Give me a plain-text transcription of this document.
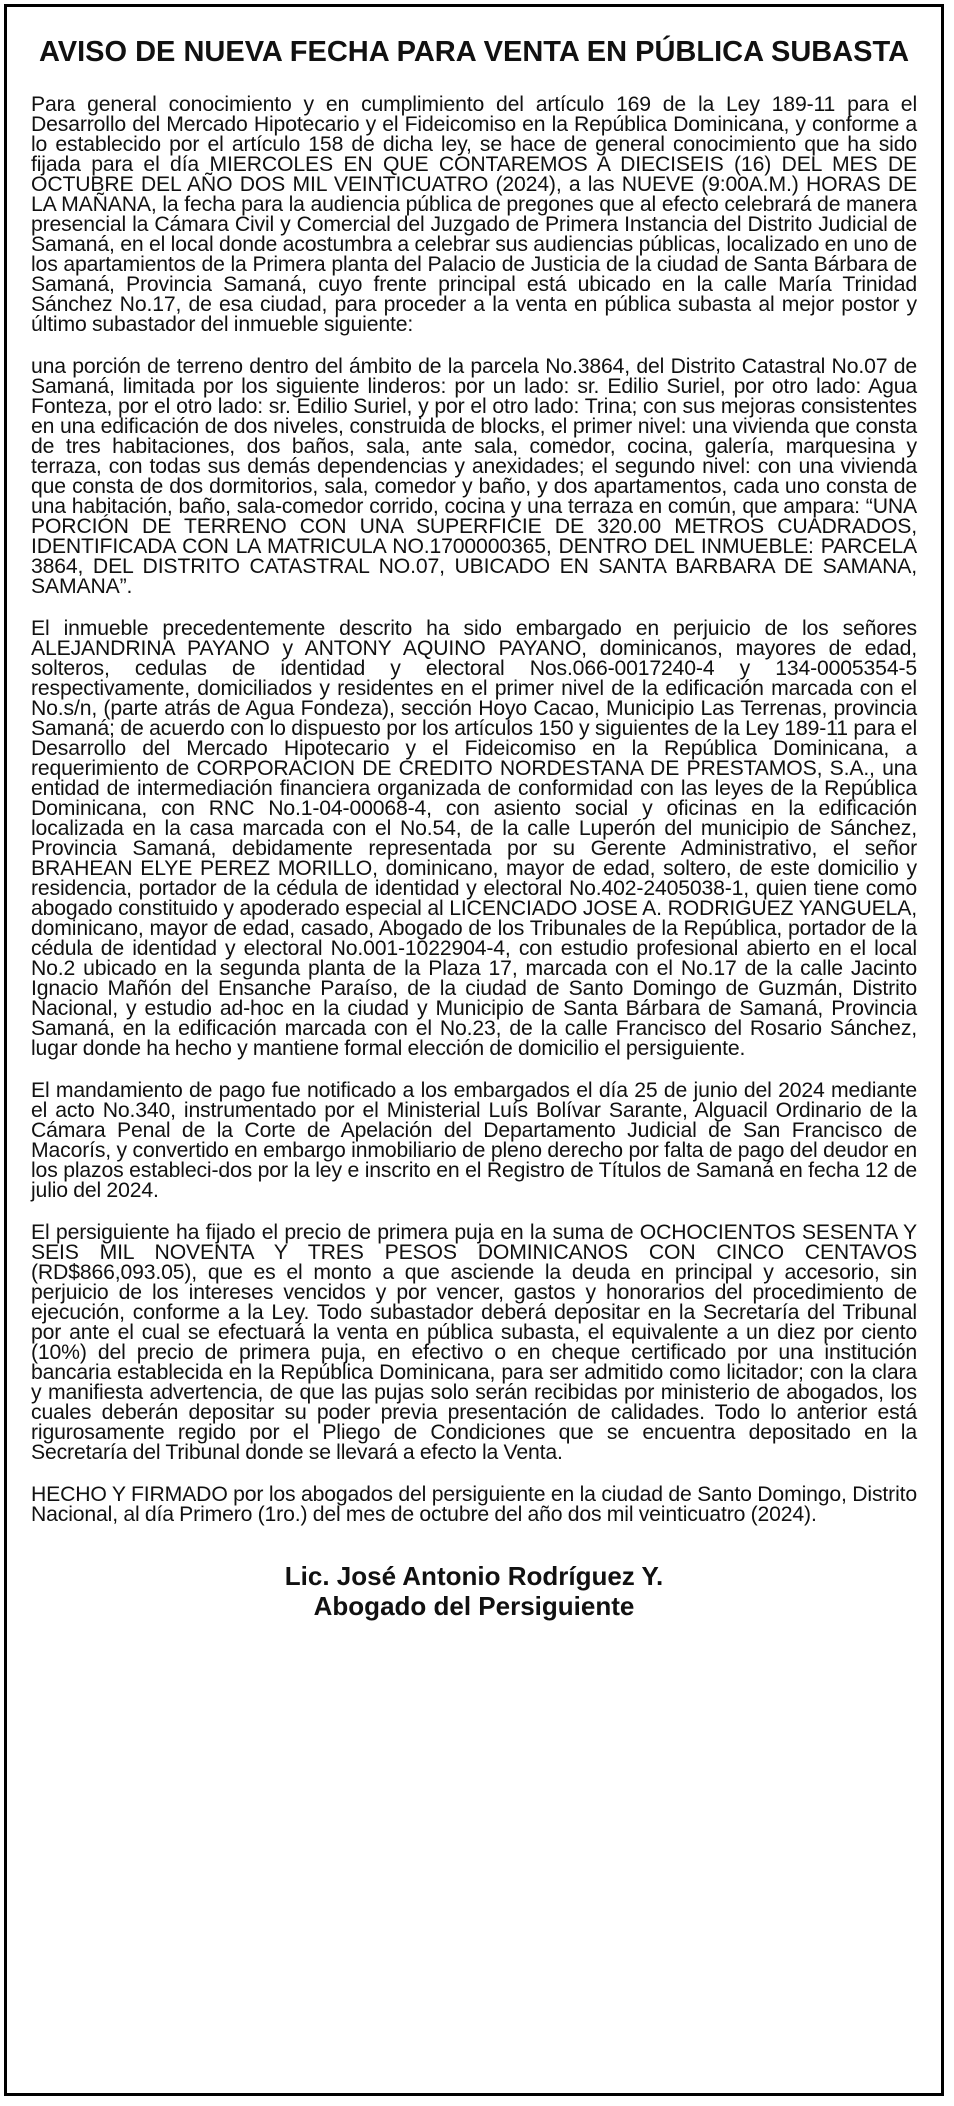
AVISO DE NUEVA FECHA PARA VENTA EN PÚBLICA SUBASTA

Para general conocimiento y en cumplimiento del artículo 169 de la Ley 189-11 para el Desarrollo del Mercado Hipotecario y el Fideicomiso en la República Dominicana, y conforme a lo establecido por el artículo 158 de dicha ley, se hace de general conocimiento que ha sido fijada para el día MIERCOLES EN QUE CONTAREMOS A DIECISEIS (16) DEL MES DE OCTUBRE DEL AÑO DOS MIL VEINTICUATRO (2024), a las NUEVE (9:00A.M.) HORAS DE LA MAÑANA, la fecha para la audiencia pública de pregones que al efecto celebrará de manera presencial la Cámara Civil y Comercial del Juzgado de Primera Instancia del Distrito Judicial de Samaná, en el local donde acostumbra a celebrar sus audiencias públicas, localizado en uno de los apartamientos de la Primera planta del Palacio de Justicia de la ciudad de Santa Bárbara de Samaná, Provincia Samaná, cuyo frente principal está ubicado en la calle María Trinidad Sánchez No.17, de esa ciudad, para proceder a la venta en pública subasta al mejor postor y último subastador del inmueble siguiente:

una porción de terreno dentro del ámbito de la parcela No.3864, del Distrito Catastral No.07 de Samaná, limitada por los siguiente linderos: por un lado: sr. Edilio Suriel, por otro lado: Agua Fonteza, por el otro lado: sr. Edilio Suriel, y por el otro lado: Trina; con sus mejoras consistentes en una edificación de dos niveles, construida de blocks, el primer nivel: una vivienda que consta de tres habitaciones, dos baños, sala, ante sala, comedor, cocina, galería, marquesina y terraza, con todas sus demás dependencias y anexidades; el segundo nivel: con una vivienda que consta de dos dormitorios, sala, comedor y baño, y dos apartamentos, cada uno consta de una habitación, baño, sala-comedor corrido, cocina y una terraza en común, que ampara: “UNA PORCIÓN DE TERRENO CON UNA SUPERFICIE DE 320.00 METROS CUADRADOS, IDENTIFICADA CON LA MATRICULA NO.1700000365, DENTRO DEL INMUEBLE: PARCELA 3864, DEL DISTRITO CATASTRAL NO.07, UBICADO EN SANTA BARBARA DE SAMANA, SAMANA”.

El inmueble precedentemente descrito ha sido embargado en perjuicio de los señores ALEJANDRINA PAYANO y ANTONY AQUINO PAYANO, dominicanos, mayores de edad, solteros, cedulas de identidad y electoral Nos.066-0017240-4 y 134-0005354-5 respectivamente, domiciliados y residentes en el primer nivel de la edificación marcada con el No.s/n, (parte atrás de Agua Fondeza), sección Hoyo Cacao, Municipio Las Terrenas, provincia Samaná; de acuerdo con lo dispuesto por los artículos 150 y siguientes de la Ley 189-11 para el Desarrollo del Mercado Hipotecario y el Fideicomiso en la República Dominicana, a requerimiento de CORPORACION DE CREDITO NORDESTANA DE PRESTAMOS, S.A., una entidad de intermediación financiera organizada de conformidad con las leyes de la República Dominicana, con RNC No.1-04-00068-4, con asiento social y oficinas en la edificación localizada en la casa marcada con el No.54, de la calle Luperón del municipio de Sánchez, Provincia Samaná, debidamente representada por su Gerente Administrativo, el señor BRAHEAN ELYE PEREZ MORILLO, dominicano, mayor de edad, soltero, de este domicilio y residencia, portador de la cédula de identidad y electoral No.402-2405038-1, quien tiene como abogado constituido y apoderado especial al LICENCIADO JOSE A. RODRIGUEZ YANGUELA, dominicano, mayor de edad, casado, Abogado de los Tribunales de la República, portador de la cédula de identidad y electoral No.001-1022904-4, con estudio profesional abierto en el local No.2 ubicado en la segunda planta de la Plaza 17, marcada con el No.17 de la calle Jacinto Ignacio Mañón del Ensanche Paraíso, de la ciudad de Santo Domingo de Guzmán, Distrito Nacional, y estudio ad-hoc en la ciudad y Municipio de Santa Bárbara de Samaná, Provincia Samaná, en la edificación marcada con el No.23, de la calle Francisco del Rosario Sánchez, lugar donde ha hecho y mantiene formal elección de domicilio el persiguiente.

El mandamiento de pago fue notificado a los embargados el día 25 de junio del 2024 mediante el acto No.340, instrumentado por el Ministerial Luís Bolívar Sarante, Alguacil Ordinario de la Cámara Penal de la Corte de Apelación del Departamento Judicial de San Francisco de Macorís, y convertido en embargo inmobiliario de pleno derecho por falta de pago del deudor en los plazos estableci-dos por la ley e inscrito en el Registro de Títulos de Samaná en fecha 12 de julio del 2024.

El persiguiente ha fijado el precio de primera puja en la suma de OCHOCIENTOS SESENTA Y SEIS MIL NOVENTA Y TRES PESOS DOMINICANOS CON CINCO CENTAVOS (RD$866,093.05), que es el monto a que asciende la deuda en principal y accesorio, sin perjuicio de los intereses vencidos y por vencer, gastos y honorarios del procedimiento de ejecución, conforme a la Ley. Todo subastador deberá depositar en la Secretaría del Tribunal por ante el cual se efectuará la venta en pública subasta, el equivalente a un diez por ciento (10%) del precio de primera puja, en efectivo o en cheque certificado por una institución bancaria establecida en la República Dominicana, para ser admitido como licitador; con la clara y manifiesta advertencia, de que las pujas solo serán recibidas por ministerio de abogados, los cuales deberán depositar su poder previa presentación de calidades. Todo lo anterior está rigurosamente regido por el Pliego de Condiciones que se encuentra depositado en la Secretaría del Tribunal donde se llevará a efecto la Venta.

HECHO Y FIRMADO por los abogados del persiguiente en la ciudad de Santo Domingo, Distrito Nacional, al día Primero (1ro.) del mes de octubre del año dos mil veinticuatro (2024).

Lic. José Antonio Rodríguez Y.
Abogado del Persiguiente
